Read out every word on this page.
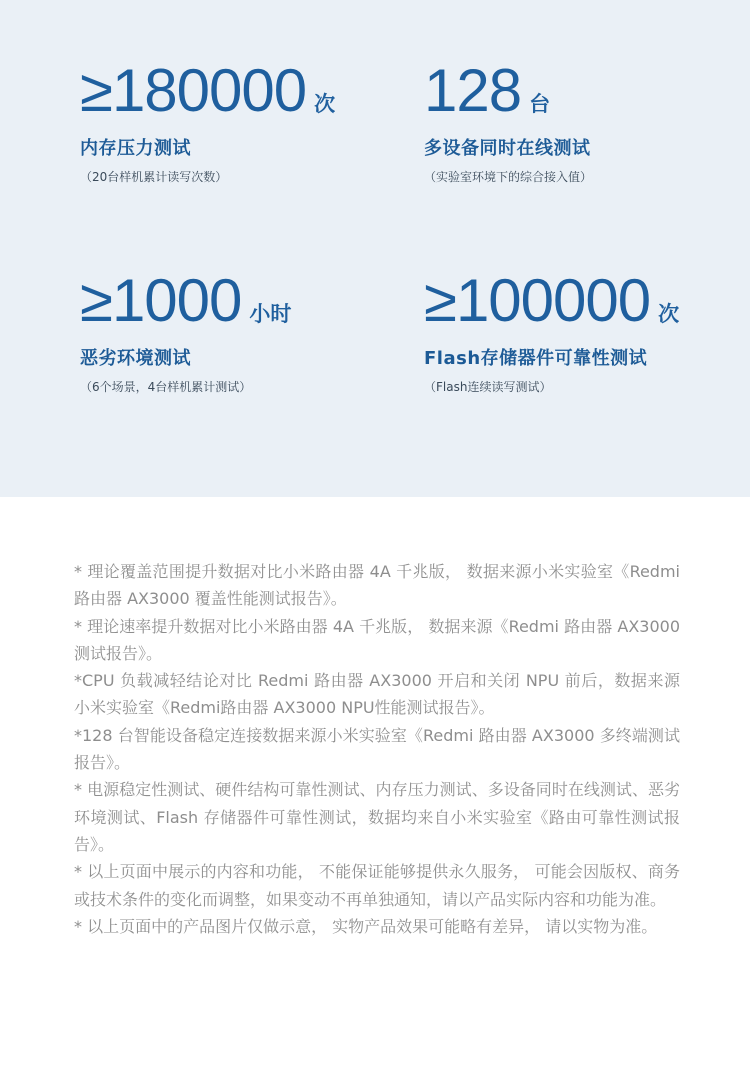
≥ 180000 次
内存压力测试
（20台样机累计读写次数）
128 台
多设备同时在线测试
（实验室环境下的综合接入值）
≥ 1000 小时
恶劣环境测试
（6个场景，4台样机累计测试）
≥ 100000 次
Flash存储器件可靠性测试
（Flash连续读写测试）

* 理论覆盖范围提升数据对比小米路由器 4A 千兆版， 数据来源小米实验室《Redmi 路由器 AX3000 覆盖性能测试报告》。

* 理论速率提升数据对比小米路由器 4A 千兆版， 数据来源《Redmi 路由器 AX3000 测试报告》。

*CPU 负载减轻结论对比 Redmi 路由器 AX3000 开启和关闭 NPU 前后，数据来源小米实验室《Redmi路由器 AX3000 NPU性能测试报告》。

*128 台智能设备稳定连接数据来源小米实验室《Redmi 路由器 AX3000 多终端测试报告》。

* 电源稳定性测试、硬件结构可靠性测试、内存压力测试、多设备同时在线测试、恶劣环境测试、Flash 存储器件可靠性测试，数据均来自小米实验室《路由可靠性测试报告》。

* 以上页面中展示的内容和功能， 不能保证能够提供永久服务， 可能会因版权、商务或技术条件的变化而调整，如果变动不再单独通知，请以产品实际内容和功能为准。

* 以上页面中的产品图片仅做示意， 实物产品效果可能略有差异， 请以实物为准。
